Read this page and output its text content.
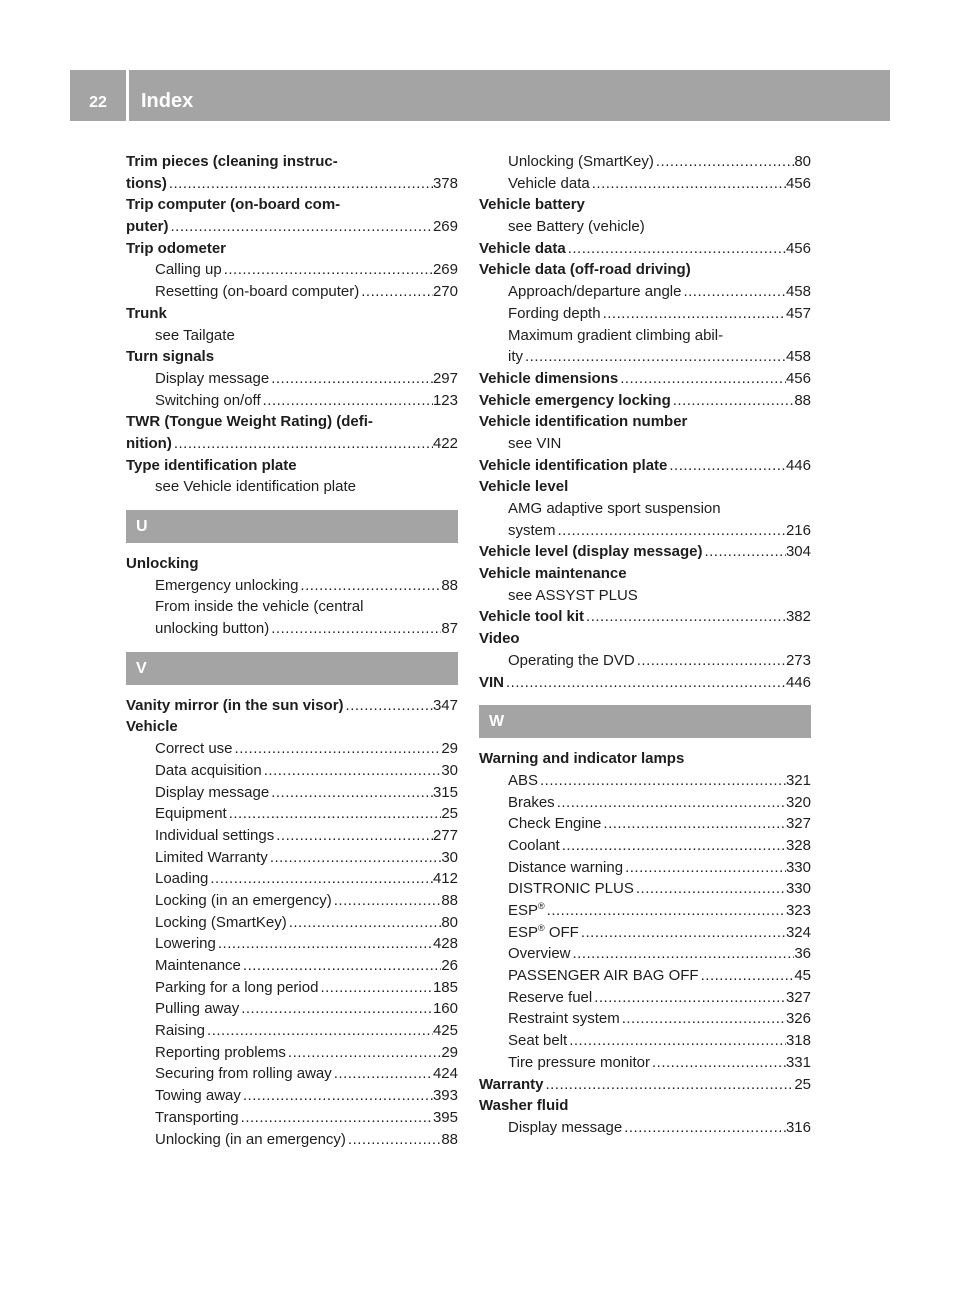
22	Index
Trim pieces (cleaning instruc-
tions) .....	378
Trip computer (on-board com-
puter) .....	269
Trip odometer
Calling up .....	269
Resetting (on-board computer) .....	270
Trunk
see Tailgate
Turn signals
Display message .....	297
Switching on/off .....	123
TWR (Tongue Weight Rating) (defi-
nition) .....	422
Type identification plate
see Vehicle identification plate
U
Unlocking
Emergency unlocking .....	88
From inside the vehicle (central
unlocking button) .....	87
V
Vanity mirror (in the sun visor) .....	347
Vehicle
Correct use .....	29
Data acquisition .....	30
Display message .....	315
Equipment .....	25
Individual settings .....	277
Limited Warranty .....	30
Loading .....	412
Locking (in an emergency) .....	88
Locking (SmartKey) .....	80
Lowering .....	428
Maintenance .....	26
Parking for a long period .....	185
Pulling away .....	160
Raising .....	425
Reporting problems .....	29
Securing from rolling away .....	424
Towing away .....	393
Transporting .....	395
Unlocking (in an emergency) .....	88
Unlocking (SmartKey) .....	80
Vehicle data .....	456
Vehicle battery
see Battery (vehicle)
Vehicle data .....	456
Vehicle data (off-road driving)
Approach/departure angle .....	458
Fording depth .....	457
Maximum gradient climbing abil-
ity .....	458
Vehicle dimensions .....	456
Vehicle emergency locking .....	88
Vehicle identification number
see VIN
Vehicle identification plate .....	446
Vehicle level
AMG adaptive sport suspension
system .....	216
Vehicle level (display message) .....	304
Vehicle maintenance
see ASSYST PLUS
Vehicle tool kit .....	382
Video
Operating the DVD .....	273
VIN .....	446
W
Warning and indicator lamps
ABS .....	321
Brakes .....	320
Check Engine .....	327
Coolant .....	328
Distance warning .....	330
DISTRONIC PLUS .....	330
ESP® .....	323
ESP® OFF .....	324
Overview .....	36
PASSENGER AIR BAG OFF .....	45
Reserve fuel .....	327
Restraint system .....	326
Seat belt .....	318
Tire pressure monitor .....	331
Warranty .....	25
Washer fluid
Display message .....	316
